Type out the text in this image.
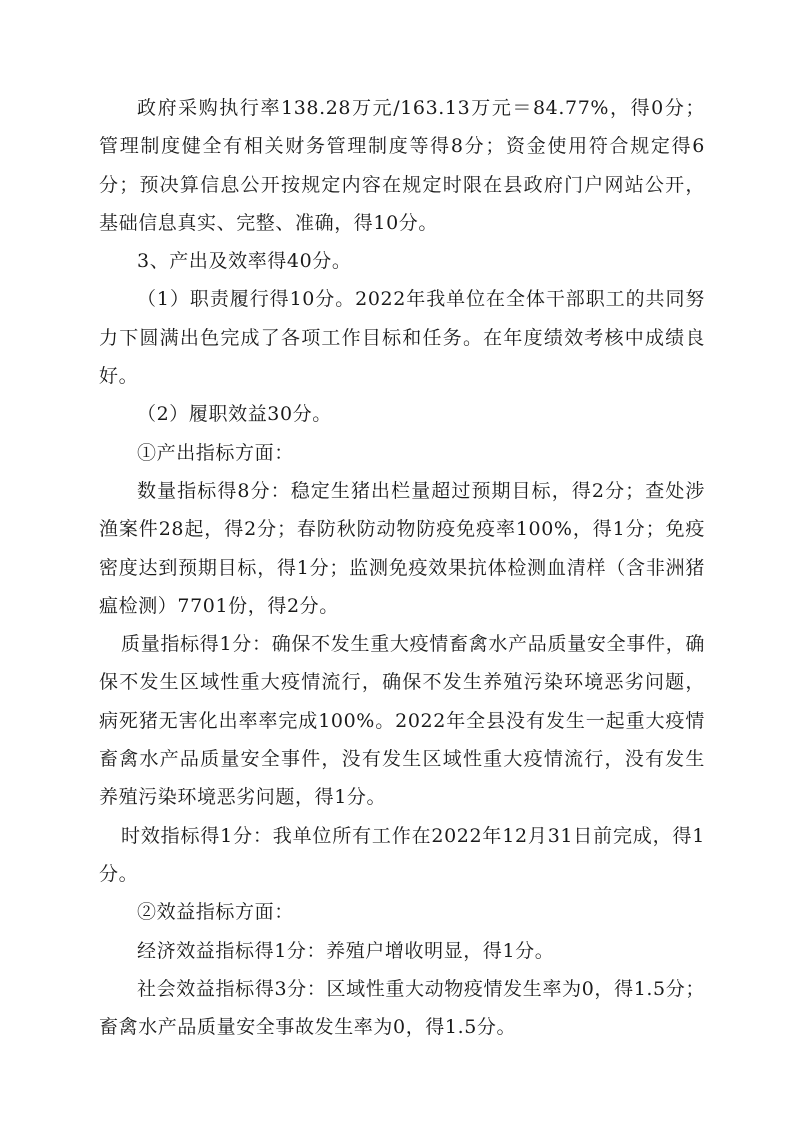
政府采购执行率138.28万元/163.13万元＝84.77%，得0分；管理制度健全有相关财务管理制度等得8分；资金使用符合规定得6分；预决算信息公开按规定内容在规定时限在县政府门户网站公开，基础信息真实、完整、准确，得10分。

3、产出及效率得40分。

（1）职责履行得10分。2022年我单位在全体干部职工的共同努力下圆满出色完成了各项工作目标和任务。在年度绩效考核中成绩良好。

（2）履职效益30分。

①产出指标方面：

数量指标得8分：稳定生猪出栏量超过预期目标，得2分；查处涉渔案件28起，得2分；春防秋防动物防疫免疫率100%，得1分；免疫密度达到预期目标，得1分；监测免疫效果抗体检测血清样（含非洲猪瘟检测）7701份，得2分。

质量指标得1分：确保不发生重大疫情畜禽水产品质量安全事件，确保不发生区域性重大疫情流行，确保不发生养殖污染环境恶劣问题，病死猪无害化出率率完成100%。2022年全县没有发生一起重大疫情畜禽水产品质量安全事件，没有发生区域性重大疫情流行，没有发生养殖污染环境恶劣问题，得1分。

时效指标得1分：我单位所有工作在2022年12月31日前完成，得1分。

②效益指标方面：

经济效益指标得1分：养殖户增收明显，得1分。

社会效益指标得3分：区域性重大动物疫情发生率为0，得1.5分；畜禽水产品质量安全事故发生率为0，得1.5分。
